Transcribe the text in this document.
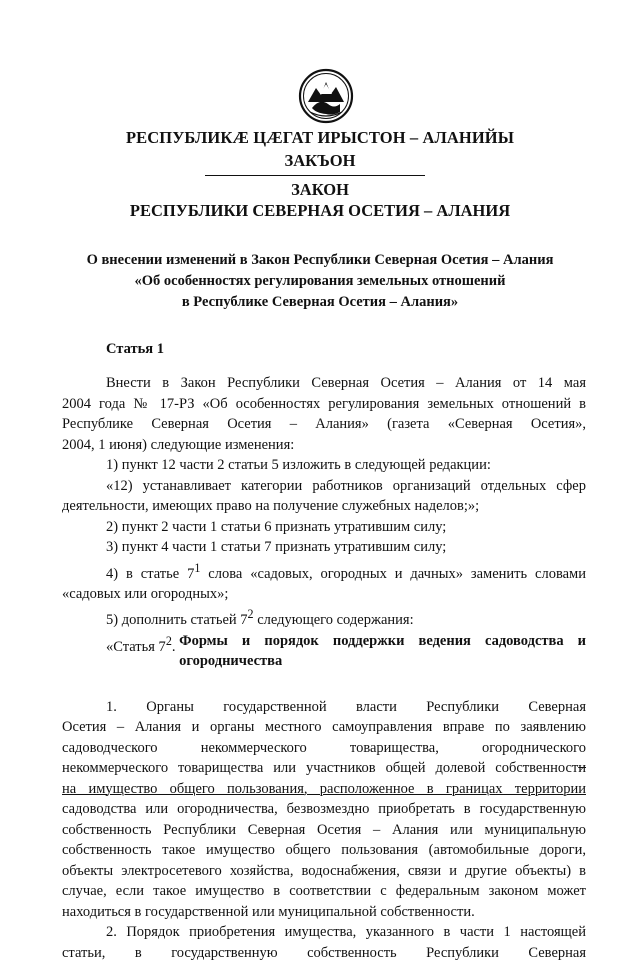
РЕСПУБЛИКÆ ЦÆГАТ ИРЫСТОН – АЛАНИЙЫ
ЗАКЪОН
ЗАКОН
РЕСПУБЛИКИ СЕВЕРНАЯ ОСЕТИЯ – АЛАНИЯ
О внесении изменений в Закон Республики Северная Осетия – Алания
«Об особенностях регулирования земельных отношений
в Республике Северная Осетия – Алания»
Статья 1

Внести в Закон Республики Северная Осетия – Алания от 14 мая

2004 года № 17-РЗ «Об особенностях регулирования земельных отношений в

Республике Северная Осетия – Алания» (газета «Северная Осетия»,

2004, 1 июня) следующие изменения:

1) пункт 12 части 2 статьи 5 изложить в следующей редакции:

«12) устанавливает категории работников организаций отдельных сфер

деятельности, имеющих право на получение служебных наделов;»;

2) пункт 2 части 1 статьи 6 признать утратившим силу;

3) пункт 4 части 1 статьи 7 признать утратившим силу;

4) в статье $7^1$ слова «садовых, огородных и дачных» заменить словами

«садовых или огородных»;

5) дополнить статьей $7^2$ следующего содержания:

«Статья $7^2$. Формы и порядок поддержки ведения садоводства и
огородничества

1. Органы государственной власти Республики Северная

Осетия – Алания и органы местного самоуправления вправе по заявлению

садоводческого некоммерческого товарищества, огороднического

некоммерческого товарищества или участников общей долевой собственности

на имущество общего пользования, расположенное в границах территории

садоводства или огородничества, безвозмездно приобретать в государственную

собственность Республики Северная Осетия – Алания или муниципальную

собственность такое имущество общего пользования (автомобильные дороги,

объекты электросетевого хозяйства, водоснабжения, связи и другие объекты) в

случае, если такое имущество в соответствии с федеральным законом может

находиться в государственной или муниципальной собственности.

2. Порядок приобретения имущества, указанного в части 1 настоящей

статьи, в государственную собственность Республики Северная
